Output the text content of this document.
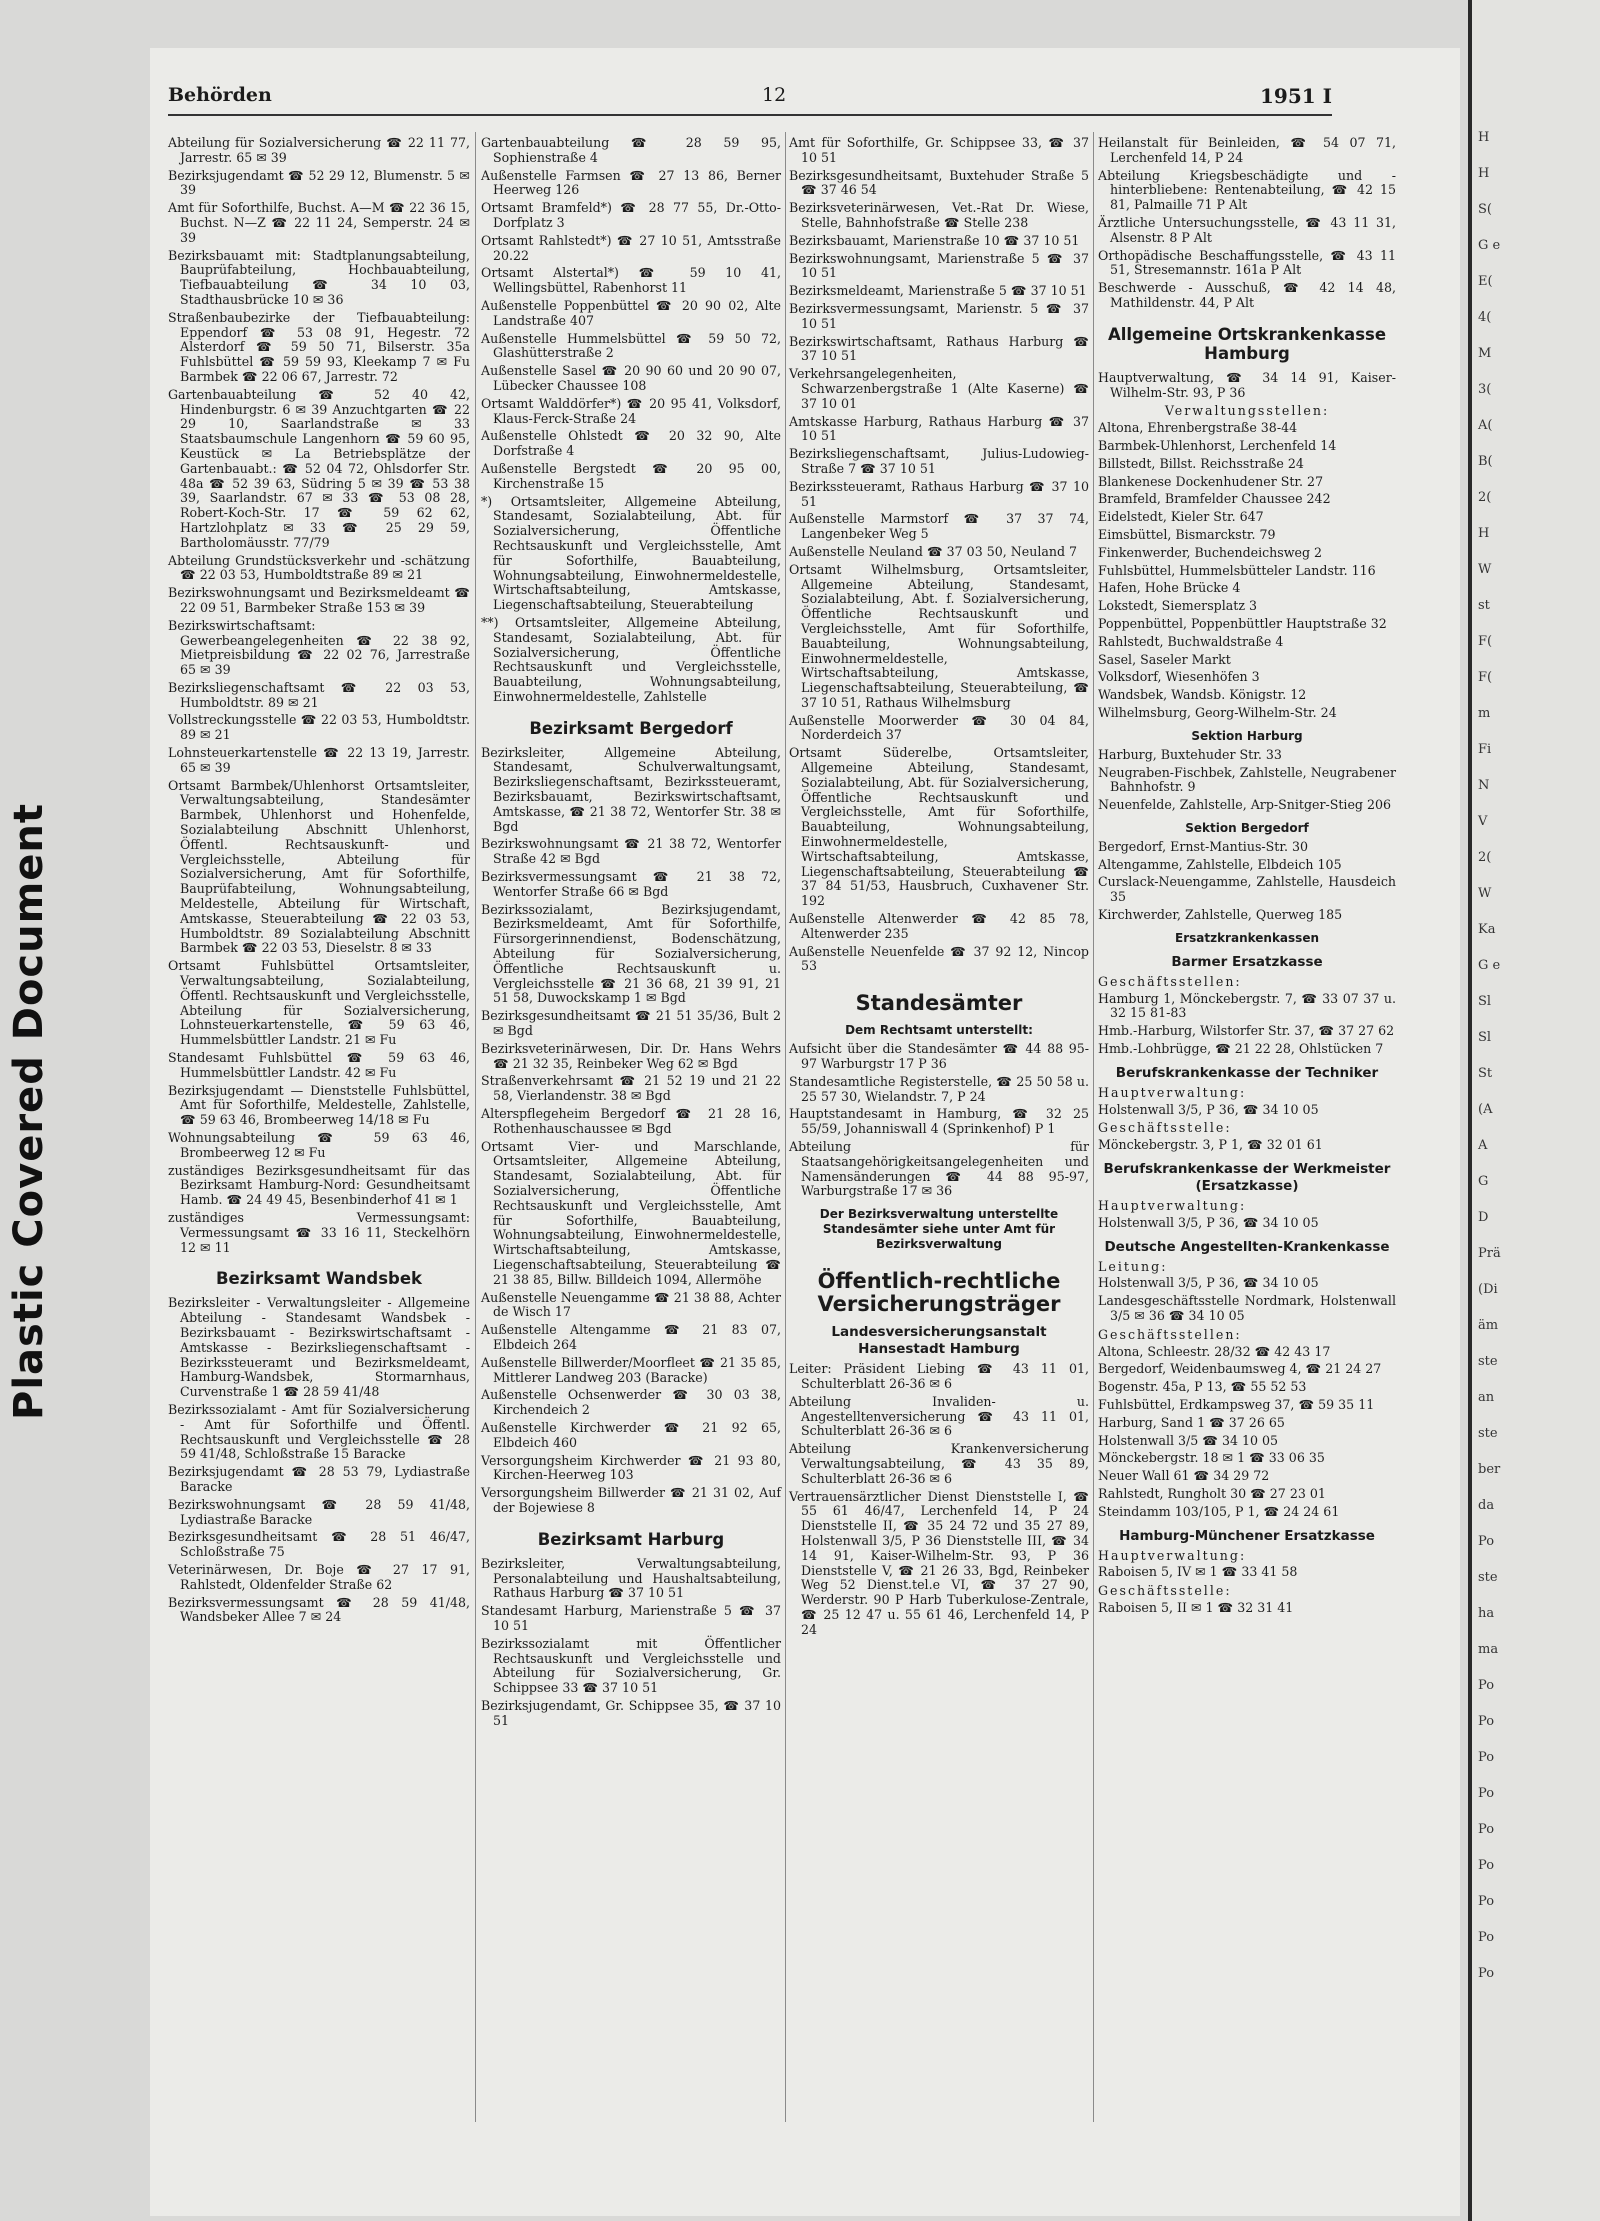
Plastic Covered Document
H
H
S(
G e
E(
4(
M
3(
A(
B(
2(
H
W
st
F(
F(
m
Fi
N
V
2(
W
Ka
G e
Sl
Sl
St
(A
A
G
D
Prä
(Di
äm
ste
an
ste
ber
da
Po
ste
ha
ma
Po
Po
Po
Po
Po
Po
Po
Po
Po
Behörden	12	1951 I
Abteilung für Sozialversicherung ☎ 22 11 77, Jarrestr. 65 ✉ 39
Bezirksjugendamt ☎ 52 29 12, Blumenstr. 5 ✉ 39
Amt für Soforthilfe, Buchst. A—M ☎ 22 36 15, Buchst. N—Z ☎ 22 11 24, Semperstr. 24 ✉ 39
Bezirksbauamt mit: Stadtplanungsabteilung, Bauprüfabteilung, Hochbauabteilung, Tiefbauabteilung ☎ 34 10 03, Stadthausbrücke 10 ✉ 36
Straßenbaubezirke der Tiefbauabteilung: Eppendorf ☎ 53 08 91, Hegestr. 72 Alsterdorf ☎ 59 50 71, Bilserstr. 35a Fuhlsbüttel ☎ 59 59 93, Kleekamp 7 ✉ Fu Barmbek ☎ 22 06 67, Jarrestr. 72
Gartenbauabteilung ☎ 52 40 42, Hindenburgstr. 6 ✉ 39 Anzuchtgarten ☎ 22 29 10, Saarlandstraße ✉ 33 Staatsbaumschule Langenhorn ☎ 59 60 95, Keustück ✉ La Betriebsplätze der Gartenbauabt.: ☎ 52 04 72, Ohlsdorfer Str. 48a ☎ 52 39 63, Südring 5 ✉ 39 ☎ 53 38 39, Saarlandstr. 67 ✉ 33 ☎ 53 08 28, Robert-Koch-Str. 17 ☎ 59 62 62, Hartzlohplatz ✉ 33 ☎ 25 29 59, Bartholomäusstr. 77/79
Abteilung Grundstücksverkehr und -schätzung ☎ 22 03 53, Humboldtstraße 89 ✉ 21
Bezirkswohnungsamt und Bezirksmeldeamt ☎ 22 09 51, Barmbeker Straße 153 ✉ 39
Bezirkswirtschaftsamt: Gewerbeangelegenheiten ☎ 22 38 92, Mietpreisbildung ☎ 22 02 76, Jarrestraße 65 ✉ 39
Bezirksliegenschaftsamt ☎ 22 03 53, Humboldtstr. 89 ✉ 21
Vollstreckungsstelle ☎ 22 03 53, Humboldtstr. 89 ✉ 21
Lohnsteuerkartenstelle ☎ 22 13 19, Jarrestr. 65 ✉ 39
Ortsamt Barmbek/Uhlenhorst Ortsamtsleiter, Verwaltungsabteilung, Standesämter Barmbek, Uhlenhorst und Hohenfelde, Sozialabteilung Abschnitt Uhlenhorst, Öffentl. Rechtsauskunft- und Vergleichsstelle, Abteilung für Sozialversicherung, Amt für Soforthilfe, Bauprüfabteilung, Wohnungsabteilung, Meldestelle, Abteilung für Wirtschaft, Amtskasse, Steuerabteilung ☎ 22 03 53, Humboldtstr. 89 Sozialabteilung Abschnitt Barmbek ☎ 22 03 53, Dieselstr. 8 ✉ 33
Ortsamt Fuhlsbüttel Ortsamtsleiter, Verwaltungsabteilung, Sozialabteilung, Öffentl. Rechtsauskunft und Vergleichsstelle, Abteilung für Sozialversicherung, Lohnsteuerkartenstelle, ☎ 59 63 46, Hummelsbüttler Landstr. 21 ✉ Fu
Standesamt Fuhlsbüttel ☎ 59 63 46, Hummelsbüttler Landstr. 42 ✉ Fu
Bezirksjugendamt — Dienststelle Fuhlsbüttel, Amt für Soforthilfe, Meldestelle, Zahlstelle, ☎ 59 63 46, Brombeerweg 14/18 ✉ Fu
Wohnungsabteilung ☎ 59 63 46, Brombeerweg 12 ✉ Fu
zuständiges Bezirksgesundheitsamt für das Bezirksamt Hamburg-Nord: Gesundheitsamt Hamb. ☎ 24 49 45, Besenbinderhof 41 ✉ 1
zuständiges Vermessungsamt: Vermessungsamt ☎ 33 16 11, Steckelhörn 12 ✉ 11
Bezirksamt Wandsbek
Bezirksleiter - Verwaltungsleiter - Allgemeine Abteilung - Standesamt Wandsbek - Bezirksbauamt - Bezirkswirtschaftsamt - Amtskasse - Bezirksliegenschaftsamt - Bezirkssteueramt und Bezirksmeldeamt, Hamburg-Wandsbek, Stormarnhaus, Curvenstraße 1 ☎ 28 59 41/48
Bezirkssozialamt - Amt für Sozialversicherung - Amt für Soforthilfe und Öffentl. Rechtsauskunft und Vergleichsstelle ☎ 28 59 41/48, Schloßstraße 15 Baracke
Bezirksjugendamt ☎ 28 53 79, Lydiastraße Baracke
Bezirkswohnungsamt ☎ 28 59 41/48, Lydiastraße Baracke
Bezirksgesundheitsamt ☎ 28 51 46/47, Schloßstraße 75
Veterinärwesen, Dr. Boje ☎ 27 17 91, Rahlstedt, Oldenfelder Straße 62
Bezirksvermessungsamt ☎ 28 59 41/48, Wandsbeker Allee 7 ✉ 24
Gartenbauabteilung ☎ 28 59 95, Sophienstraße 4
Außenstelle Farmsen ☎ 27 13 86, Berner Heerweg 126
Ortsamt Bramfeld*) ☎ 28 77 55, Dr.-Otto-Dorfplatz 3
Ortsamt Rahlstedt*) ☎ 27 10 51, Amtsstraße 20.22
Ortsamt Alstertal*) ☎ 59 10 41, Wellingsbüttel, Rabenhorst 11
Außenstelle Poppenbüttel ☎ 20 90 02, Alte Landstraße 407
Außenstelle Hummelsbüttel ☎ 59 50 72, Glashütterstraße 2
Außenstelle Sasel ☎ 20 90 60 und 20 90 07, Lübecker Chaussee 108
Ortsamt Walddörfer*) ☎ 20 95 41, Volksdorf, Klaus-Ferck-Straße 24
Außenstelle Ohlstedt ☎ 20 32 90, Alte Dorfstraße 4
Außenstelle Bergstedt ☎ 20 95 00, Kirchenstraße 15
*) Ortsamtsleiter, Allgemeine Abteilung, Standesamt, Sozialabteilung, Abt. für Sozialversicherung, Öffentliche Rechtsauskunft und Vergleichsstelle, Amt für Soforthilfe, Bauabteilung, Wohnungsabteilung, Einwohnermeldestelle, Wirtschaftsabteilung, Amtskasse, Liegenschaftsabteilung, Steuerabteilung
**) Ortsamtsleiter, Allgemeine Abteilung, Standesamt, Sozialabteilung, Abt. für Sozialversicherung, Öffentliche Rechtsauskunft und Vergleichsstelle, Bauabteilung, Wohnungsabteilung, Einwohnermeldestelle, Zahlstelle
Bezirksamt Bergedorf
Bezirksleiter, Allgemeine Abteilung, Standesamt, Schulverwaltungsamt, Bezirksliegenschaftsamt, Bezirkssteueramt, Bezirksbauamt, Bezirkswirtschaftsamt, Amtskasse, ☎ 21 38 72, Wentorfer Str. 38 ✉ Bgd
Bezirkswohnungsamt ☎ 21 38 72, Wentorfer Straße 42 ✉ Bgd
Bezirksvermessungsamt ☎ 21 38 72, Wentorfer Straße 66 ✉ Bgd
Bezirkssozialamt, Bezirksjugendamt, Bezirksmeldeamt, Amt für Soforthilfe, Fürsorgerinnendienst, Bodenschätzung, Abteilung für Sozialversicherung, Öffentliche Rechtsauskunft u. Vergleichsstelle ☎ 21 36 68, 21 39 91, 21 51 58, Duwockskamp 1 ✉ Bgd
Bezirksgesundheitsamt ☎ 21 51 35/36, Bult 2 ✉ Bgd
Bezirksveterinärwesen, Dir. Dr. Hans Wehrs ☎ 21 32 35, Reinbeker Weg 62 ✉ Bgd
Straßenverkehrsamt ☎ 21 52 19 und 21 22 58, Vierlandenstr. 38 ✉ Bgd
Alterspflegeheim Bergedorf ☎ 21 28 16, Rothenhauschaussee ✉ Bgd
Ortsamt Vier- und Marschlande, Ortsamtsleiter, Allgemeine Abteilung, Standesamt, Sozialabteilung, Abt. für Sozialversicherung, Öffentliche Rechtsauskunft und Vergleichsstelle, Amt für Soforthilfe, Bauabteilung, Wohnungsabteilung, Einwohnermeldestelle, Wirtschaftsabteilung, Amtskasse, Liegenschaftsabteilung, Steuerabteilung ☎ 21 38 85, Billw. Billdeich 1094, Allermöhe
Außenstelle Neuengamme ☎ 21 38 88, Achter de Wisch 17
Außenstelle Altengamme ☎ 21 83 07, Elbdeich 264
Außenstelle Billwerder/Moorfleet ☎ 21 35 85, Mittlerer Landweg 203 (Baracke)
Außenstelle Ochsenwerder ☎ 30 03 38, Kirchendeich 2
Außenstelle Kirchwerder ☎ 21 92 65, Elbdeich 460
Versorgungsheim Kirchwerder ☎ 21 93 80, Kirchen-Heerweg 103
Versorgungsheim Billwerder ☎ 21 31 02, Auf der Bojewiese 8
Bezirksamt Harburg
Bezirksleiter, Verwaltungsabteilung, Personalabteilung und Haushaltsabteilung, Rathaus Harburg ☎ 37 10 51
Standesamt Harburg, Marienstraße 5 ☎ 37 10 51
Bezirkssozialamt mit Öffentlicher Rechtsauskunft und Vergleichsstelle und Abteilung für Sozialversicherung, Gr. Schippsee 33 ☎ 37 10 51
Bezirksjugendamt, Gr. Schippsee 35, ☎ 37 10 51
Amt für Soforthilfe, Gr. Schippsee 33, ☎ 37 10 51
Bezirksgesundheitsamt, Buxtehuder Straße 5 ☎ 37 46 54
Bezirksveterinärwesen, Vet.-Rat Dr. Wiese, Stelle, Bahnhofstraße ☎ Stelle 238
Bezirksbauamt, Marienstraße 10 ☎ 37 10 51
Bezirkswohnungsamt, Marienstraße 5 ☎ 37 10 51
Bezirksmeldeamt, Marienstraße 5 ☎ 37 10 51
Bezirksvermessungsamt, Marienstr. 5 ☎ 37 10 51
Bezirkswirtschaftsamt, Rathaus Harburg ☎ 37 10 51
Verkehrsangelegenheiten, Schwarzenbergstraße 1 (Alte Kaserne) ☎ 37 10 01
Amtskasse Harburg, Rathaus Harburg ☎ 37 10 51
Bezirksliegenschaftsamt, Julius-Ludowieg-Straße 7 ☎ 37 10 51
Bezirkssteueramt, Rathaus Harburg ☎ 37 10 51
Außenstelle Marmstorf ☎ 37 37 74, Langenbeker Weg 5
Außenstelle Neuland ☎ 37 03 50, Neuland 7
Ortsamt Wilhelmsburg, Ortsamtsleiter, Allgemeine Abteilung, Standesamt, Sozialabteilung, Abt. f. Sozialversicherung, Öffentliche Rechtsauskunft und Vergleichsstelle, Amt für Soforthilfe, Bauabteilung, Wohnungsabteilung, Einwohnermeldestelle, Wirtschaftsabteilung, Amtskasse, Liegenschaftsabteilung, Steuerabteilung, ☎ 37 10 51, Rathaus Wilhelmsburg
Außenstelle Moorwerder ☎ 30 04 84, Norderdeich 37
Ortsamt Süderelbe, Ortsamtsleiter, Allgemeine Abteilung, Standesamt, Sozialabteilung, Abt. für Sozialversicherung, Öffentliche Rechtsauskunft und Vergleichsstelle, Amt für Soforthilfe, Bauabteilung, Wohnungsabteilung, Einwohnermeldestelle, Wirtschaftsabteilung, Amtskasse, Liegenschaftsabteilung, Steuerabteilung ☎ 37 84 51/53, Hausbruch, Cuxhavener Str. 192
Außenstelle Altenwerder ☎ 42 85 78, Altenwerder 235
Außenstelle Neuenfelde ☎ 37 92 12, Nincop 53
Standesämter
Dem Rechtsamt unterstellt:
Aufsicht über die Standesämter ☎ 44 88 95-97 Warburgstr 17 P 36
Standesamtliche Registerstelle, ☎ 25 50 58 u. 25 57 30, Wielandstr. 7, P 24
Hauptstandesamt in Hamburg, ☎ 32 25 55/59, Johanniswall 4 (Sprinkenhof) P 1
Abteilung für Staatsangehörigkeitsangelegenheiten und Namensänderungen ☎ 44 88 95-97, Warburgstraße 17 ✉ 36
Der Bezirksverwaltung unterstellte Standesämter siehe unter Amt für Bezirksverwaltung
Öffentlich-rechtliche Versicherungsträger
Landesversicherungsanstalt Hansestadt Hamburg
Leiter: Präsident Liebing ☎ 43 11 01, Schulterblatt 26-36 ✉ 6
Abteilung Invaliden- u. Angestelltenversicherung ☎ 43 11 01, Schulterblatt 26-36 ✉ 6
Abteilung Krankenversicherung Verwaltungsabteilung, ☎ 43 35 89, Schulterblatt 26-36 ✉ 6
Vertrauensärztlicher Dienst Dienststelle I, ☎ 55 61 46/47, Lerchenfeld 14, P 24 Dienststelle II, ☎ 35 24 72 und 35 27 89, Holstenwall 3/5, P 36 Dienststelle III, ☎ 34 14 91, Kaiser-Wilhelm-Str. 93, P 36 Dienststelle V, ☎ 21 26 33, Bgd, Reinbeker Weg 52 Dienst.tel.e VI, ☎ 37 27 90, Werderstr. 90 P Harb Tuberkulose-Zentrale, ☎ 25 12 47 u. 55 61 46, Lerchenfeld 14, P 24
Heilanstalt für Beinleiden, ☎ 54 07 71, Lerchenfeld 14, P 24
Abteilung Kriegsbeschädigte und -hinterbliebene: Rentenabteilung, ☎ 42 15 81, Palmaille 71 P Alt
Ärztliche Untersuchungsstelle, ☎ 43 11 31, Alsenstr. 8 P Alt
Orthopädische Beschaffungsstelle, ☎ 43 11 51, Stresemannstr. 161a P Alt
Beschwerde - Ausschuß, ☎ 42 14 48, Mathildenstr. 44, P Alt
Allgemeine Ortskrankenkasse Hamburg
Hauptverwaltung, ☎ 34 14 91, Kaiser-Wilhelm-Str. 93, P 36
Verwaltungsstellen:
Altona, Ehrenbergstraße 38-44
Barmbek-Uhlenhorst, Lerchenfeld 14
Billstedt, Billst. Reichsstraße 24
Blankenese Dockenhudener Str. 27
Bramfeld, Bramfelder Chaussee 242
Eidelstedt, Kieler Str. 647
Eimsbüttel, Bismarckstr. 79
Finkenwerder, Buchendeichsweg 2
Fuhlsbüttel, Hummelsbütteler Landstr. 116
Hafen, Hohe Brücke 4
Lokstedt, Siemersplatz 3
Poppenbüttel, Poppenbüttler Hauptstraße 32
Rahlstedt, Buchwaldstraße 4
Sasel, Saseler Markt
Volksdorf, Wiesenhöfen 3
Wandsbek, Wandsb. Königstr. 12
Wilhelmsburg, Georg-Wilhelm-Str. 24
Sektion Harburg
Harburg, Buxtehuder Str. 33
Neugraben-Fischbek, Zahlstelle, Neugrabener Bahnhofstr. 9
Neuenfelde, Zahlstelle, Arp-Snitger-Stieg 206
Sektion Bergedorf
Bergedorf, Ernst-Mantius-Str. 30
Altengamme, Zahlstelle, Elbdeich 105
Curslack-Neuengamme, Zahlstelle, Hausdeich 35
Kirchwerder, Zahlstelle, Querweg 185
Ersatzkrankenkassen
Barmer Ersatzkasse
Geschäftsstellen:
Hamburg 1, Mönckebergstr. 7, ☎ 33 07 37 u. 32 15 81-83
Hmb.-Harburg, Wilstorfer Str. 37, ☎ 37 27 62
Hmb.-Lohbrügge, ☎ 21 22 28, Ohlstücken 7
Berufskrankenkasse der Techniker
Hauptverwaltung:
Holstenwall 3/5, P 36, ☎ 34 10 05
Geschäftsstelle:
Mönckebergstr. 3, P 1, ☎ 32 01 61
Berufskrankenkasse der Werkmeister (Ersatzkasse)
Hauptverwaltung:
Holstenwall 3/5, P 36, ☎ 34 10 05
Deutsche Angestellten-Krankenkasse
Leitung:
Holstenwall 3/5, P 36, ☎ 34 10 05
Landesgeschäftsstelle Nordmark, Holstenwall 3/5 ✉ 36 ☎ 34 10 05
Geschäftsstellen:
Altona, Schleestr. 28/32 ☎ 42 43 17
Bergedorf, Weidenbaumsweg 4, ☎ 21 24 27
Bogenstr. 45a, P 13, ☎ 55 52 53
Fuhlsbüttel, Erdkampsweg 37, ☎ 59 35 11
Harburg, Sand 1 ☎ 37 26 65
Holstenwall 3/5 ☎ 34 10 05
Mönckebergstr. 18 ✉ 1 ☎ 33 06 35
Neuer Wall 61 ☎ 34 29 72
Rahlstedt, Rungholt 30 ☎ 27 23 01
Steindamm 103/105, P 1, ☎ 24 24 61
Hamburg-Münchener Ersatzkasse
Hauptverwaltung:
Raboisen 5, IV ✉ 1 ☎ 33 41 58
Geschäftsstelle:
Raboisen 5, II ✉ 1 ☎ 32 31 41
